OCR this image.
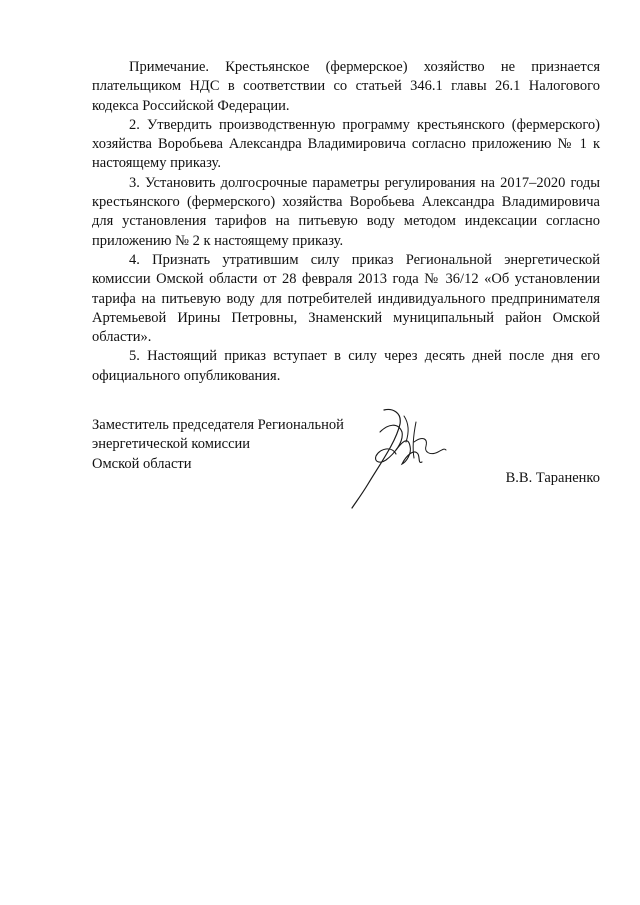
Примечание. Крестьянское (фермерское) хозяйство не признается плательщиком НДС в соответствии со статьей 346.1 главы 26.1 Налогового кодекса Российской Федерации.

2. Утвердить производственную программу крестьянского (фермерского) хозяйства Воробьева Александра Владимировича согласно приложению № 1 к настоящему приказу.

3. Установить долгосрочные параметры регулирования на 2017–2020 годы крестьянского (фермерского) хозяйства Воробьева Александра Владимировича для установления тарифов на питьевую воду методом индексации согласно приложению № 2 к настоящему приказу.

4. Признать утратившим силу приказ Региональной энергетической комиссии Омской области от 28 февраля 2013 года № 36/12 «Об установлении тарифа на питьевую воду для потребителей индивидуального предпринимателя Артемьевой Ирины Петровны, Знаменский муниципальный район Омской области».

5. Настоящий приказ вступает в силу через десять дней после дня его официального опубликования.

Заместитель председателя Региональной

энергетической комиссии

Омской области

В.В. Тараненко
